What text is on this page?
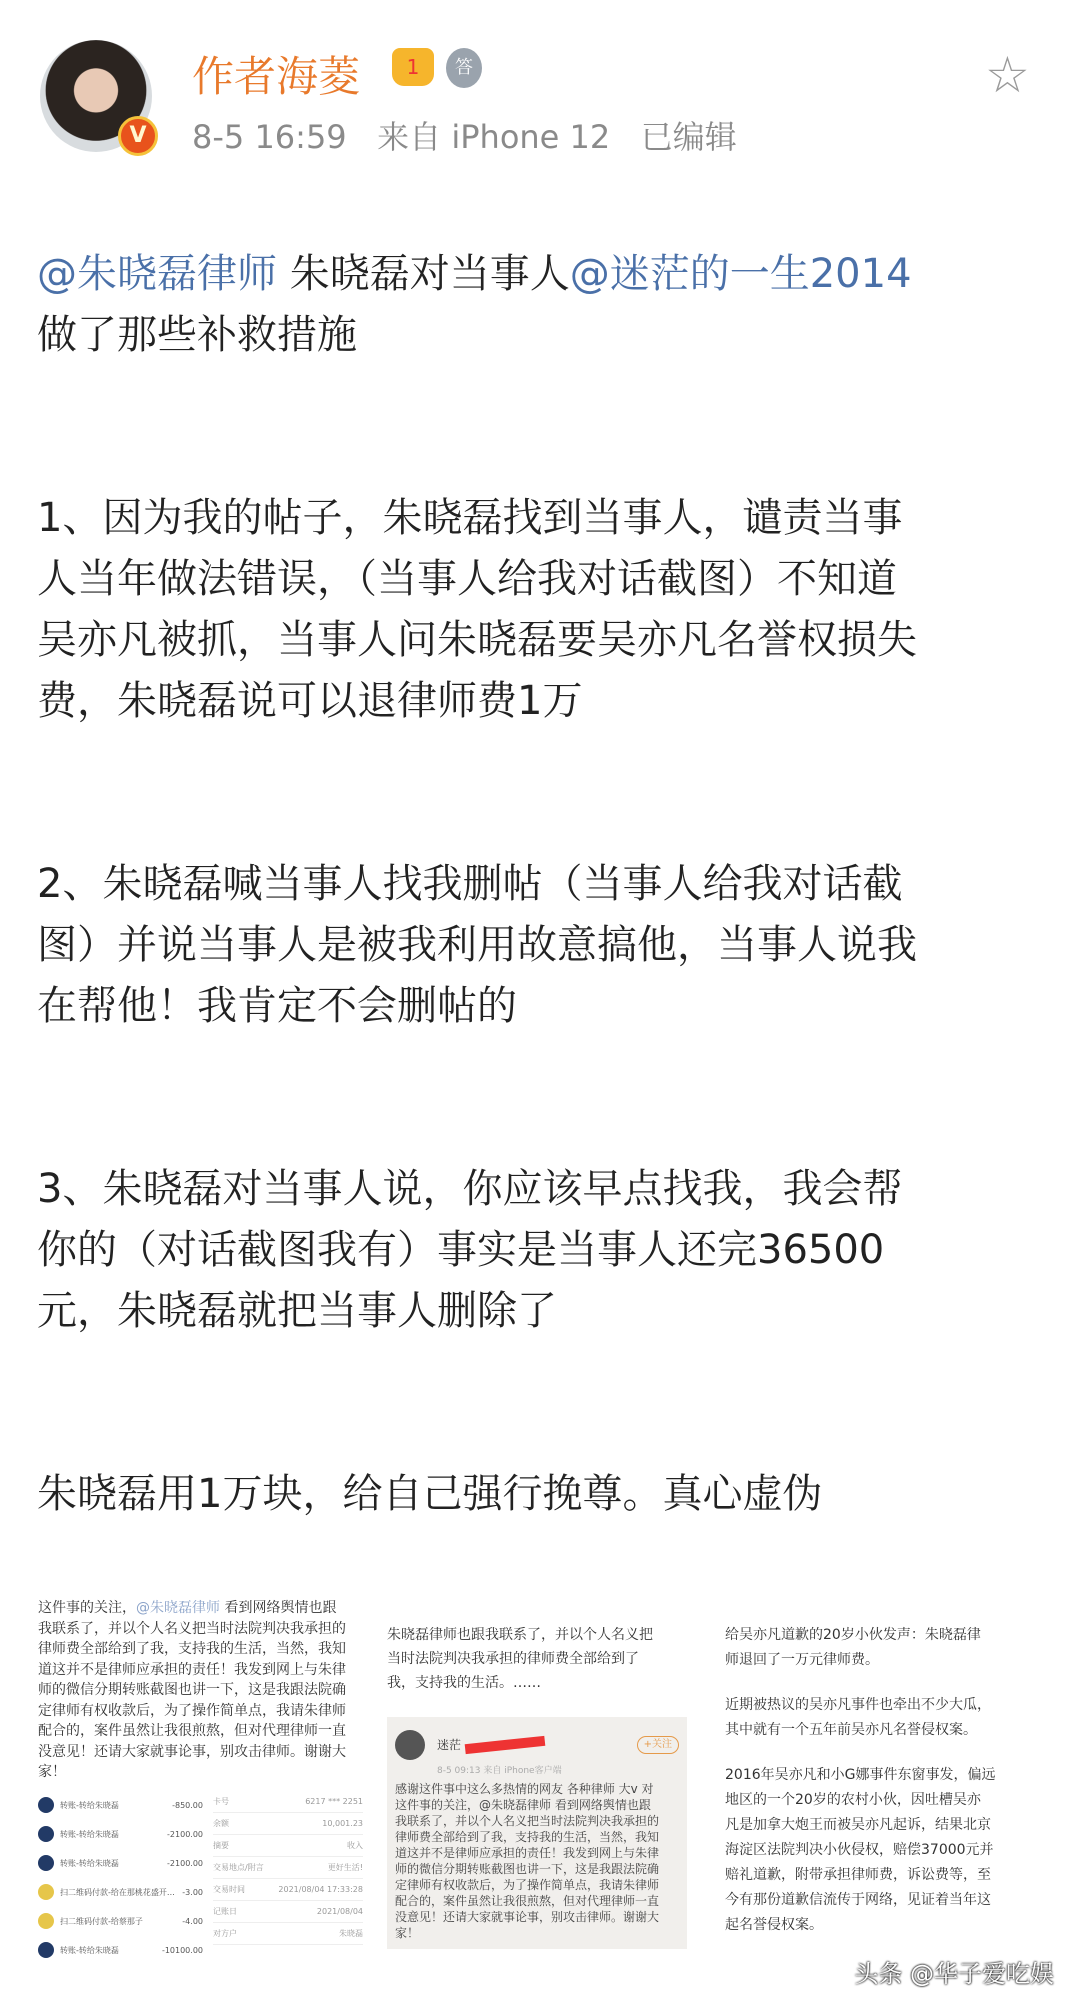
V
作者海菱	1	答
8-5 16:59 来自 iPhone 12 已编辑
☆

@朱晓磊律师 朱晓磊对当事人@迷茫的一生2014
做了那些补救措施

1、因为我的帖子，朱晓磊找到当事人，谴责当事
人当年做法错误，（当事人给我对话截图）不知道
吴亦凡被抓，当事人问朱晓磊要吴亦凡名誉权损失
费，朱晓磊说可以退律师费1万

2、朱晓磊喊当事人找我删帖（当事人给我对话截
图）并说当事人是被我利用故意搞他，当事人说我
在帮他！我肯定不会删帖的

3、朱晓磊对当事人说，你应该早点找我，我会帮
你的（对话截图我有）事实是当事人还完36500
元，朱晓磊就把当事人删除了

朱晓磊用1万块，给自己强行挽尊。真心虚伪

这件事的关注，@朱晓磊律师 看到网络舆情也跟
我联系了，并以个人名义把当时法院判决我承担的
律师费全部给到了我，支持我的生活，当然，我知
道这并不是律师应承担的责任！我发到网上与朱律
师的微信分期转账截图也讲一下，这是我跟法院确
定律师有权收款后，为了操作简单点，我请朱律师
配合的，案件虽然让我很煎熬，但对代理律师一直
没意见！还请大家就事论事，别攻击律师。谢谢大
家！
转账-转给朱晓磊	-850.00
转账-转给朱晓磊	-2100.00
转账-转给朱晓磊	-2100.00
扫二维码付款-给在那桃花盛开… -3.00
扫二维码付款-给蔡那子	-4.00
转账-转给朱晓磊	-10100.00
卡号	6217 *** 2251
余额	10,001.23
摘要	收入
交易地点/附言	更好生活!
交易时间	2021/08/04 17:33:28
记账日	2021/08/04
对方户	朱晓磊
朱晓磊律师也跟我联系了，并以个人名义把
当时法院判决我承担的律师费全部给到了
我，支持我的生活。……
迷茫	+关注
8-5 09:13 来自 iPhone客户端
感谢这件事中这么多热情的网友 各种律师 大v 对
这件事的关注，@朱晓磊律师 看到网络舆情也跟
我联系了，并以个人名义把当时法院判决我承担的
律师费全部给到了我，支持我的生活，当然，我知
道这并不是律师应承担的责任！我发到网上与朱律
师的微信分期转账截图也讲一下，这是我跟法院确
定律师有权收款后，为了操作简单点，我请朱律师
配合的，案件虽然让我很煎熬，但对代理律师一直
没意见！还请大家就事论事，别攻击律师。谢谢大
家！

给吴亦凡道歉的20岁小伙发声：朱晓磊律
师退回了一万元律师费。

近期被热议的吴亦凡事件也牵出不少大瓜，
其中就有一个五年前吴亦凡名誉侵权案。

2016年吴亦凡和小G娜事件东窗事发，偏远
地区的一个20岁的农村小伙，因吐槽吴亦
凡是加拿大炮王而被吴亦凡起诉，结果北京
海淀区法院判决小伙侵权，赔偿37000元并
赔礼道歉，附带承担律师费，诉讼费等，至
今有那份道歉信流传于网络，见证着当年这
起名誉侵权案。

头条 @华子爱吃娱
